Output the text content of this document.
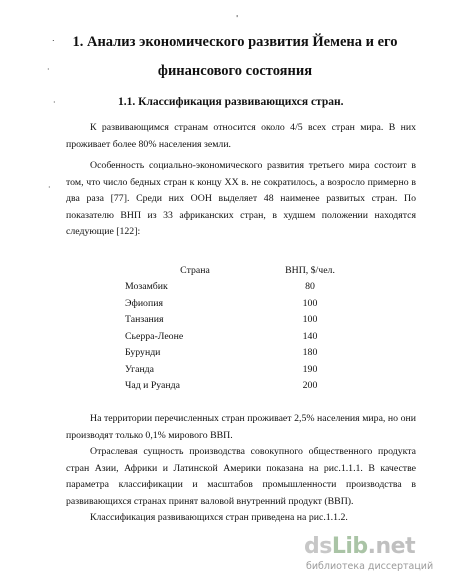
'
.
·
·
·
1. Анализ экономического развития Йемена и его
финансового состояния
1.1. Классификация развивающихся стран.

К развивающимся странам относится около 4/5 всех стран мира. В них проживает более 80% населения земли.

Особенность социально-экономического развития третьего мира состоит в том, что число бедных стран к концу XX в. не сократилось, а возросло примерно в два раза [77]. Среди них ООН выделяет 48 наименее развитых стран. По показателю ВНП из 33 африканских стран, в худшем положении находятся следующие [122]:

Страна	ВНП, $/чел.
Мозамбик	80
Эфиопия	100
Танзания	100
Сьерра-Леоне	140
Бурунди	180
Уганда	190
Чад и Руанда	200

На территории перечисленных стран проживает 2,5% населения мира, но они производят только 0,1% мирового ВВП.

Отраслевая сущность производства совокупного общественного продукта стран Азии, Африки и Латинской Америки показана на рис.1.1.1. В качестве параметра классификации и масштабов промышленности производства в развивающихся странах принят валовой внутренний продукт (ВВП).

Классификация развивающихся стран приведена на рис.1.1.2.

dsLib.net
библиотека диссертаций
